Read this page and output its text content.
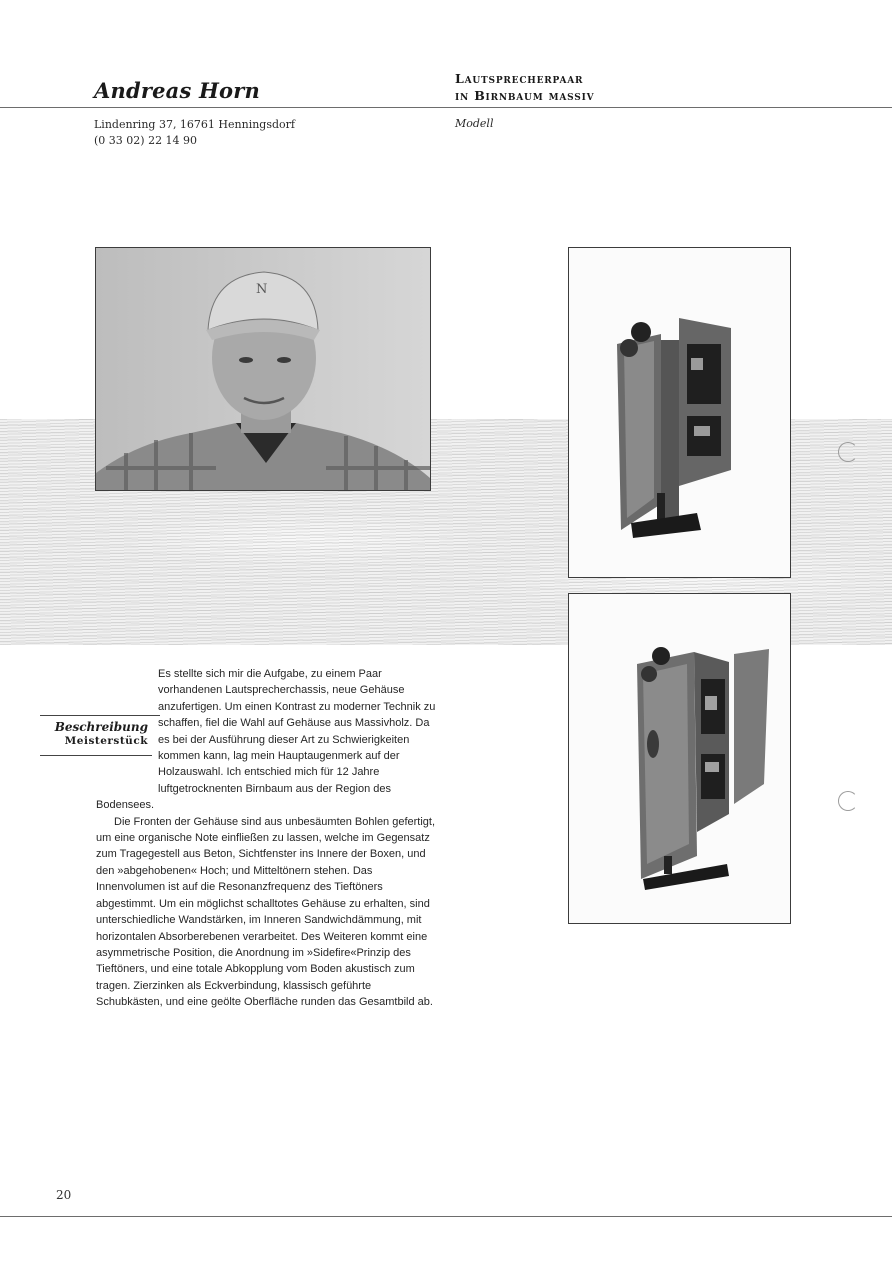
Andreas Horn	Lautsprecherpaar
in Birnbaum massiv
Lindenring 37, 16761 Henningsdorf
(0 33 02) 22 14 90
Modell
N
Beschreibung
Meisterstück

Es stellte sich mir die Aufgabe, zu einem Paar vorhandenen Lautsprecherchassis, neue Gehäuse anzufertigen. Um einen Kontrast zu moderner Technik zu schaffen, fiel die Wahl auf Gehäuse aus Massivholz. Da es bei der Ausführung dieser Art zu Schwierigkeiten kommen kann, lag mein Hauptaugenmerk auf der Holzauswahl. Ich entschied mich für 12 Jahre luftgetrocknenten Birnbaum aus der Region des Bodensees.

Die Fronten der Gehäuse sind aus unbesäumten Bohlen gefertigt, um eine organische Note einfließen zu lassen, welche im Gegensatz zum Tragegestell aus Beton, Sichtfenster ins Innere der Boxen, und den »abgehobenen« Hoch; und Mitteltönern stehen. Das Innenvolumen ist auf die Resonanzfrequenz des Tieftöners abgestimmt. Um ein möglichst schalltotes Gehäuse zu erhalten, sind unterschiedliche Wandstärken, im Inneren Sandwichdämmung, mit horizontalen Absorberebenen verarbeitet. Des Weiteren kommt eine asymmetrische Position, die Anordnung im »Sidefire«Prinzip des Tieftöners, und eine totale Abkopplung vom Boden akustisch zum tragen. Zierzinken als Eckverbindung, klassisch geführte Schubkästen, und eine geölte Oberfläche runden das Gesamtbild ab.

20
